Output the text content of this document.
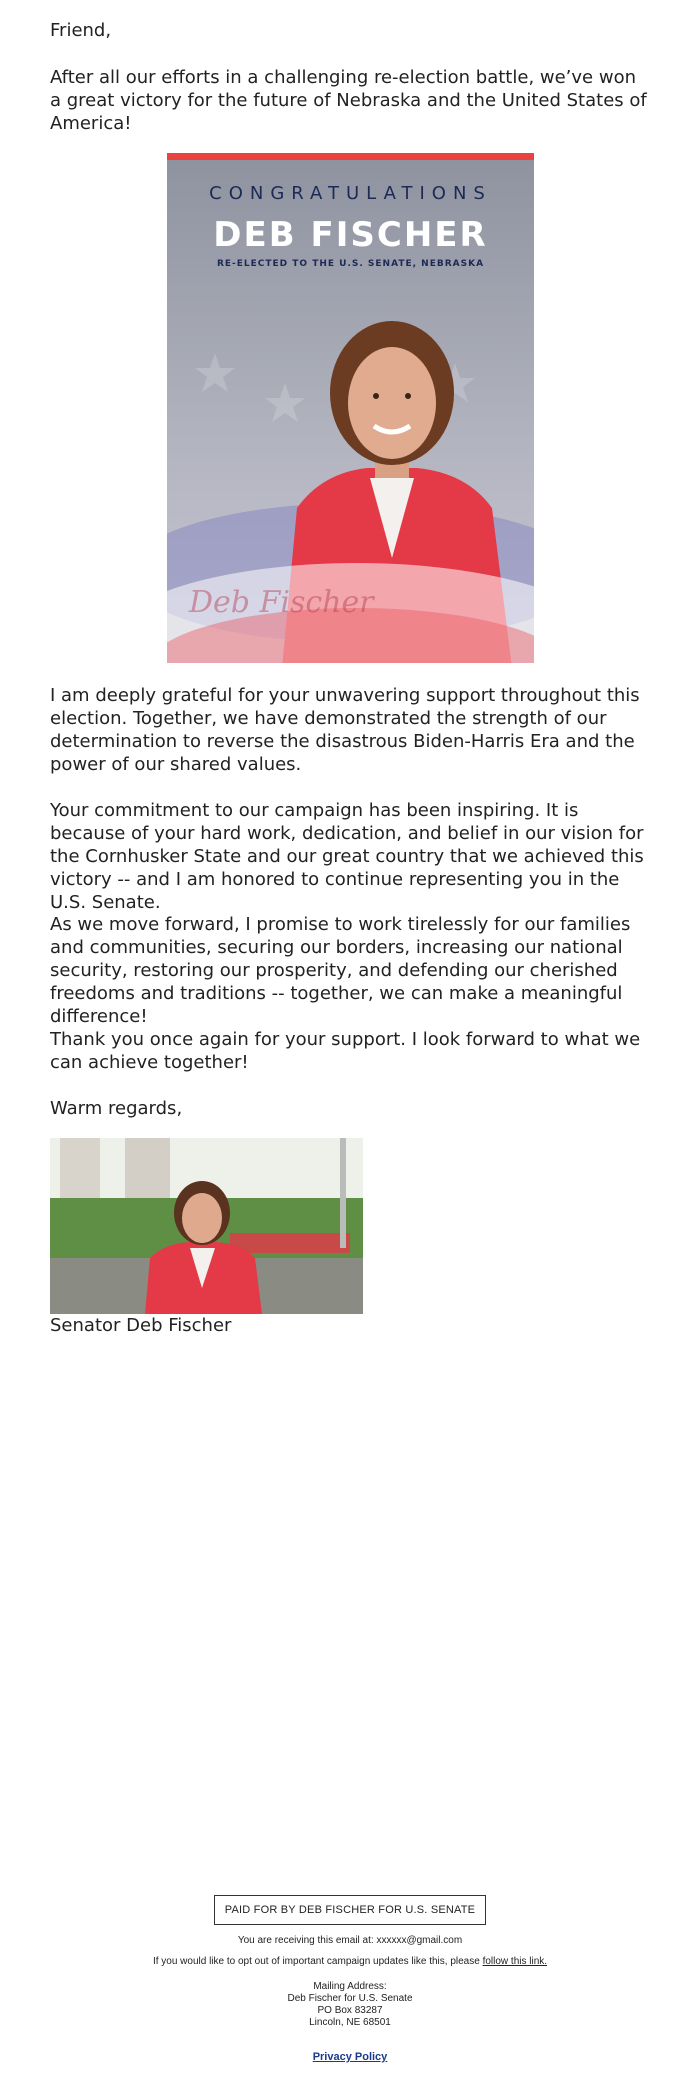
Friend,

After all our efforts in a challenging re-election battle, we’ve won a great victory for the future of Nebraska and the United States of America!

CONGRATULATIONS
DEB FISCHER
RE-ELECTED TO THE U.S. SENATE, NEBRASKA
Deb Fischer

I am deeply grateful for your unwavering support throughout this election. Together, we have demonstrated the strength of our determination to reverse the disastrous Biden-Harris Era and the power of our shared values.

Your commitment to our campaign has been inspiring. It is because of your hard work, dedication, and belief in our vision for the Cornhusker State and our great country that we achieved this victory -- and I am honored to continue representing you in the U.S. Senate.

As we move forward, I promise to work tirelessly for our families and communities, securing our borders, increasing our national security, restoring our prosperity, and defending our cherished freedoms and traditions -- together, we can make a meaningful difference!

Thank you once again for your support. I look forward to what we can achieve together!

Warm regards,

Senator Deb Fischer
PAID FOR BY DEB FISCHER FOR U.S. SENATE
You are receiving this email at: xxxxxx@gmail.com
If you would like to opt out of important campaign updates like this, please follow this link.
Mailing Address:
Deb Fischer for U.S. Senate
PO Box 83287
Lincoln, NE 68501
Privacy Policy
